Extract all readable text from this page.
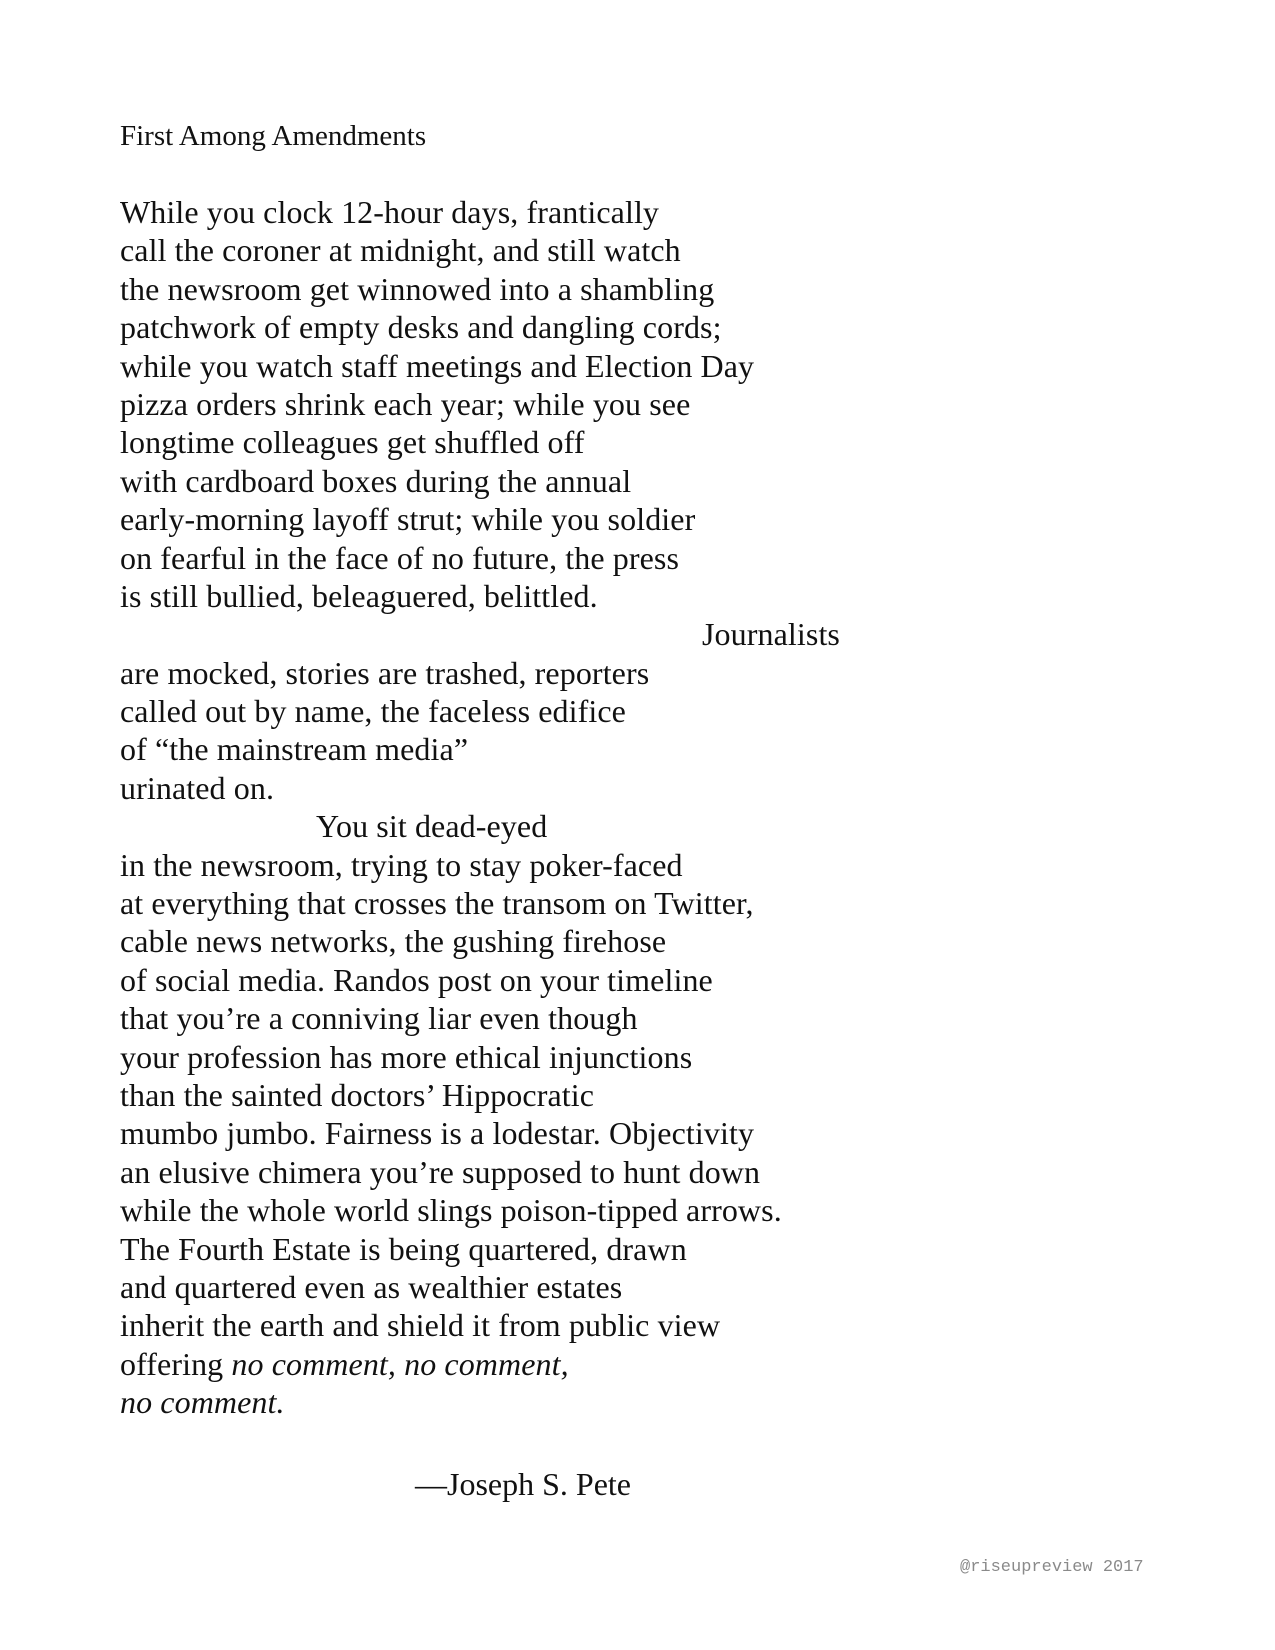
First Among Amendments
While you clock 12-hour days, frantically
call the coroner at midnight, and still watch
the newsroom get winnowed into a shambling
patchwork of empty desks and dangling cords;
while you watch staff meetings and Election Day
pizza orders shrink each year; while you see
longtime colleagues get shuffled off
with cardboard boxes during the annual
early-morning layoff strut; while you soldier
on fearful in the face of no future, the press
is still bullied, beleaguered, belittled.
Journalists
are mocked, stories are trashed, reporters
called out by name, the faceless edifice
of “the mainstream media”
urinated on.
You sit dead-eyed
in the newsroom, trying to stay poker-faced
at everything that crosses the transom on Twitter,
cable news networks, the gushing firehose
of social media. Randos post on your timeline
that you’re a conniving liar even though
your profession has more ethical injunctions
than the sainted doctors’ Hippocratic
mumbo jumbo. Fairness is a lodestar. Objectivity
an elusive chimera you’re supposed to hunt down
while the whole world slings poison-tipped arrows.
The Fourth Estate is being quartered, drawn
and quartered even as wealthier estates
inherit the earth and shield it from public view
offering no comment, no comment,
no comment.
—Joseph S. Pete
@riseupreview 2017
